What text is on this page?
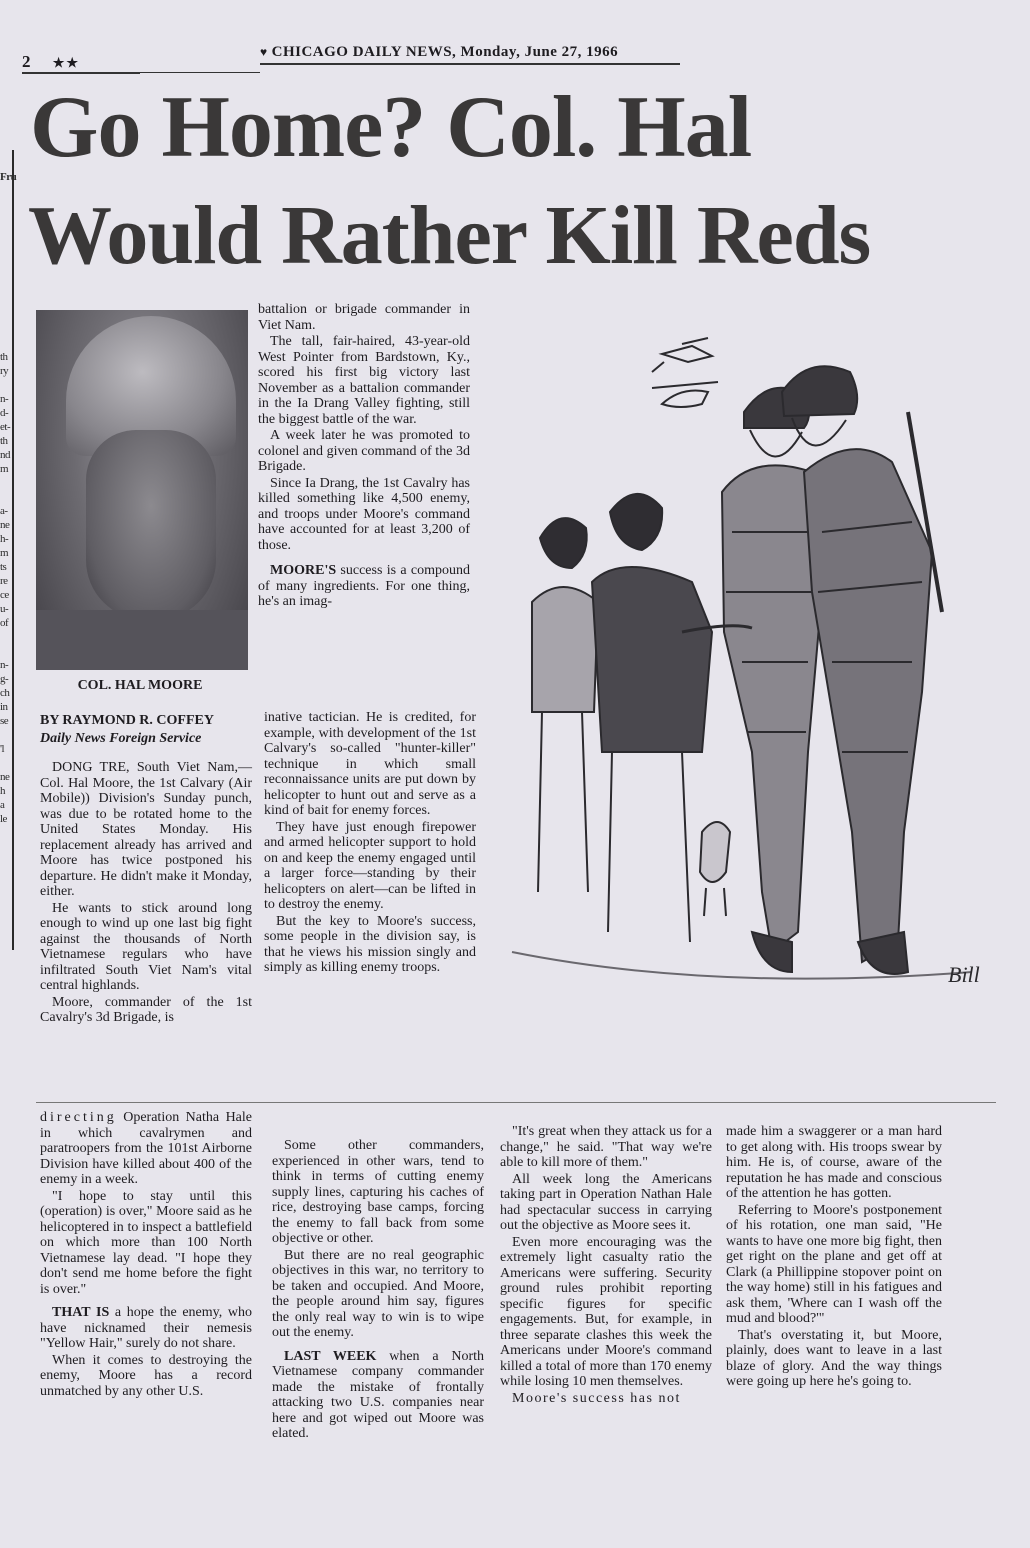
Fru
th
ry
n-
d-
et-
th
nd
m
a-
ne
h-
m
ts
re
ce
u-
of
n-
g-
ch
in
se
'l
ne
h
a
le
2 ★★
♥ CHICAGO DAILY NEWS, Monday, June 27, 1966
Go Home? Col. Hal
Would Rather Kill Reds
COL. HAL MOORE
BY RAYMOND R. COFFEY
Daily News Foreign Service

DONG TRE, South Viet Nam,—Col. Hal Moore, the 1st Calvary (Air Mobile)) Division's Sunday punch, was due to be rotated home to the United States Monday. His replacement already has arrived and Moore has twice postponed his departure. He didn't make it Monday, either.

He wants to stick around long enough to wind up one last big fight against the thousands of North Vietnamese regulars who have infiltrated South Viet Nam's vital central highlands.

Moore, commander of the 1st Cavalry's 3d Brigade, is

battalion or brigade commander in Viet Nam.

The tall, fair-haired, 43-year-old West Pointer from Bardstown, Ky., scored his first big victory last November as a battalion commander in the Ia Drang Valley fighting, still the biggest battle of the war.

A week later he was promoted to colonel and given command of the 3d Brigade.

Since Ia Drang, the 1st Cavalry has killed something like 4,500 enemy, and troops under Moore's command have accounted for at least 3,200 of those.

MOORE'S success is a compound of many ingredients. For one thing, he's an imag-

inative tactician. He is credited, for example, with development of the 1st Calvary's so-called "hunter-killer" technique in which small reconnaissance units are put down by helicopter to hunt out and serve as a kind of bait for enemy forces.

They have just enough firepower and armed helicopter support to hold on and keep the enemy engaged until a larger force—standing by their helicopters on alert—can be lifted in to destroy the enemy.

But the key to Moore's success, some people in the division say, is that he views his mission singly and simply as killing enemy troops.	Bill

directing Operation Natha Hale in which cavalrymen and paratroopers from the 101st Airborne Division have killed about 400 of the enemy in a week.

"I hope to stay until this (operation) is over," Moore said as he helicoptered in to inspect a battlefield on which more than 100 North Vietnamese lay dead. "I hope they don't send me home before the fight is over."

THAT IS a hope the enemy, who have nicknamed their nemesis "Yellow Hair," surely do not share.

When it comes to destroying the enemy, Moore has a record unmatched by any other U.S.

Some other commanders, experienced in other wars, tend to think in terms of cutting enemy supply lines, capturing his caches of rice, destroying base camps, forcing the enemy to fall back from some objective or other.

But there are no real geographic objectives in this war, no territory to be taken and occupied. And Moore, the people around him say, figures the only real way to win is to wipe out the enemy.

LAST WEEK when a North Vietnamese company commander made the mistake of frontally attacking two U.S. companies near here and got wiped out Moore was elated.

"It's great when they attack us for a change," he said. "That way we're able to kill more of them."

All week long the Americans taking part in Operation Nathan Hale had spectacular success in carrying out the objective as Moore sees it.

Even more encouraging was the extremely light casualty ratio the Americans were suffering. Security ground rules prohibit reporting specific figures for specific engagements. But, for example, in three separate clashes this week the Americans under Moore's command killed a total of more than 170 enemy while losing 10 men themselves.

Moore's success has not

made him a swaggerer or a man hard to get along with. His troops swear by him. He is, of course, aware of the reputation he has made and conscious of the attention he has gotten.

Referring to Moore's postponement of his rotation, one man said, "He wants to have one more big fight, then get right on the plane and get off at Clark (a Phillippine stopover point on the way home) still in his fatigues and ask them, 'Where can I wash off the mud and blood?'"

That's overstating it, but Moore, plainly, does want to leave in a last blaze of glory. And the way things were going up here he's going to.
